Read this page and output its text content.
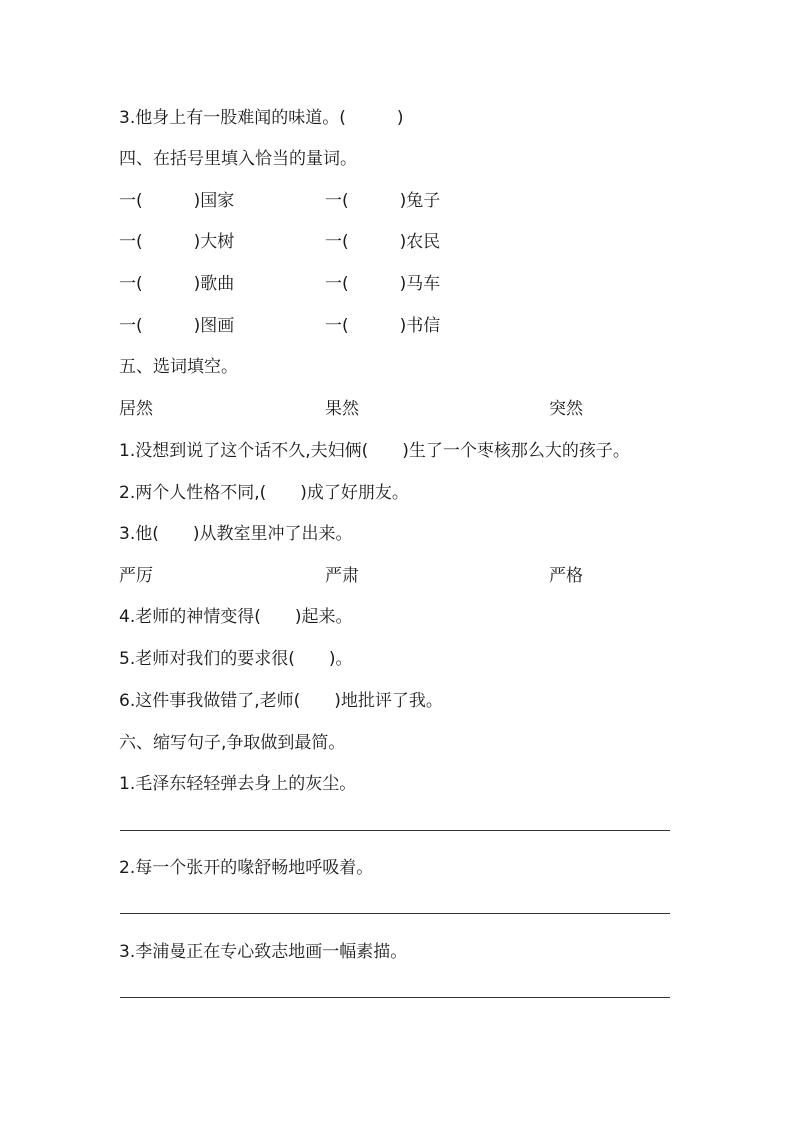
3.他身上有一股难闻的味道。(　　　)
四、在括号里填入恰当的量词。
一(　　　)国家	一(　　　)兔子
一(　　　)大树	一(　　　)农民
一(　　　)歌曲	一(　　　)马车
一(　　　)图画	一(　　　)书信
五、选词填空。
居然	果然	突然
1.没想到说了这个话不久,夫妇俩(　　)生了一个枣核那么大的孩子。
2.两个人性格不同,(　　)成了好朋友。
3.他(　　)从教室里冲了出来。
严厉	严肃	严格
4.老师的神情变得(　　)起来。
5.老师对我们的要求很(　　)。
6.这件事我做错了,老师(　　)地批评了我。
六、缩写句子,争取做到最简。
1.毛泽东轻轻弹去身上的灰尘。
2.每一个张开的喙舒畅地呼吸着。
3.李浦曼正在专心致志地画一幅素描。
